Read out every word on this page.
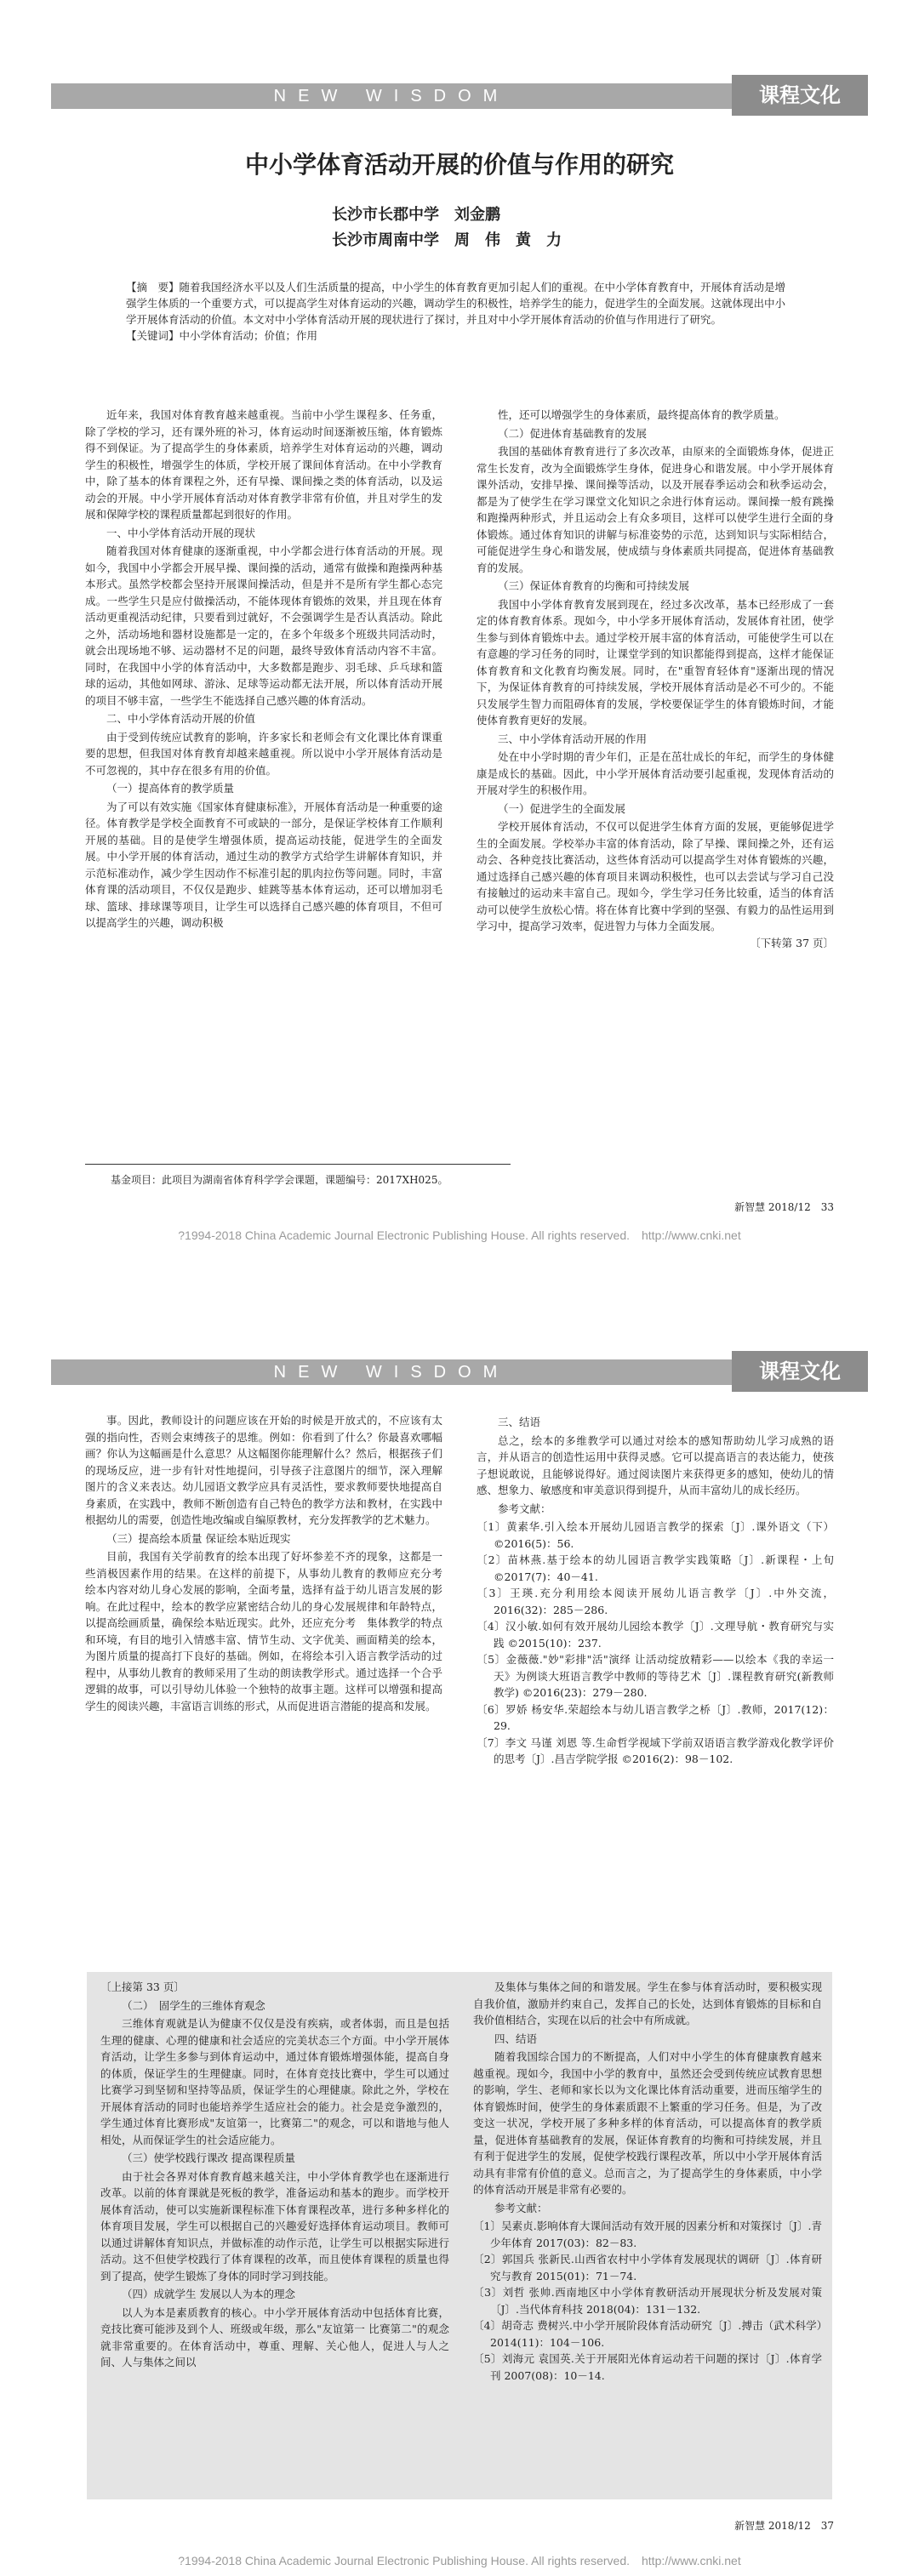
NEW WISDOM	课程文化
中小学体育活动开展的价值与作用的研究
长沙市长郡中学　刘金鹏
长沙市周南中学　周　伟　黄　力
【摘　要】随着我国经济水平以及人们生活质量的提高，中小学生的体育教育更加引起人们的重视。在中小学体育教育中，开展体育活动是增强学生体质的一个重要方式，可以提高学生对体育运动的兴趣，调动学生的积极性，培养学生的能力，促进学生的全面发展。这就体现出中小学开展体育活动的价值。本文对中小学体育活动开展的现状进行了探讨，并且对中小学开展体育活动的价值与作用进行了研究。
【关键词】中小学体育活动；价值；作用

近年来，我国对体育教育越来越重视。当前中小学生课程多、任务重，除了学校的学习，还有课外班的补习，体育运动时间逐渐被压缩，体育锻炼得不到保证。为了提高学生的身体素质，培养学生对体育运动的兴趣，调动学生的积极性，增强学生的体质，学校开展了课间体育活动。在中小学教育中，除了基本的体育课程之外，还有早操、课间操之类的体育活动，以及运动会的开展。中小学开展体育活动对体育教学非常有价值，并且对学生的发展和保障学校的课程质量都起到很好的作用。

一、中小学体育活动开展的现状

随着我国对体育健康的逐渐重视，中小学都会进行体育活动的开展。现如今，我国中小学都会开展早操、课间操的活动，通常有做操和跑操两种基本形式。虽然学校都会坚持开展课间操活动，但是并不是所有学生都心态完成。一些学生只是应付做操活动，不能体现体育锻炼的效果，并且现在体育活动更重视活动纪律，只要看到过就好，不会强调学生是否认真活动。除此之外，活动场地和器材设施都是一定的，在多个年级多个班级共同活动时，就会出现场地不够、运动器材不足的问题，最终导致体育活动内容不丰富。同时，在我国中小学的体育活动中，大多数都是跑步、羽毛球、乒乓球和篮球的运动，其他如网球、游泳、足球等运动都无法开展，所以体育活动开展的项目不够丰富，一些学生不能选择自己感兴趣的体育活动。

二、中小学体育活动开展的价值

由于受到传统应试教育的影响，许多家长和老师会有文化课比体育课重要的思想，但我国对体育教育却越来越重视。所以说中小学开展体育活动是不可忽视的，其中存在很多有用的价值。

（一）提高体育的教学质量

为了可以有效实施《国家体育健康标准》，开展体育活动是一种重要的途径。体育教学是学校全面教育不可或缺的一部分，是保证学校体育工作顺利开展的基础。目的是使学生增强体质，提高运动技能，促进学生的全面发展。中小学开展的体育活动，通过生动的教学方式给学生讲解体育知识，并示范标准动作，减少学生因动作不标准引起的肌肉拉伤等问题。同时，丰富体育课的活动项目，不仅仅是跑步、蛙跳等基本体育运动，还可以增加羽毛球、篮球、排球课等项目，让学生可以选择自己感兴趣的体育项目，不但可以提高学生的兴趣，调动积极

性，还可以增强学生的身体素质，最终提高体育的教学质量。

（二）促进体育基础教育的发展

我国的基础体育教育进行了多次改革，由原来的全面锻炼身体，促进正常生长发育，改为全面锻炼学生身体，促进身心和谐发展。中小学开展体育课外活动，安排早操、课间操等活动，以及开展春季运动会和秋季运动会，都是为了使学生在学习课堂文化知识之余进行体育运动。课间操一般有跳操和跑操两种形式，并且运动会上有众多项目，这样可以使学生进行全面的身体锻炼。通过体育知识的讲解与标准姿势的示范，达到知识与实际相结合，可能促进学生身心和谐发展，使成绩与身体素质共同提高，促进体育基础教育的发展。

（三）保证体育教育的均衡和可持续发展

我国中小学体育教育发展到现在，经过多次改革，基本已经形成了一套　定的体育教育体系。现如今，中小学多开展体育活动，发展体育社团，使学生参与到体育锻炼中去。通过学校开展丰富的体育活动，可能使学生可以在有意趣的学习任务的同时，让课堂学到的知识都能得到提高，这样才能保证体育教育和文化教育均衡发展。同时，在"重智育轻体育"逐渐出现的情况下，为保证体育教育的可持续发展，学校开展体育活动是必不可少的。不能只发展学生智力而阻碍体育的发展，学校要保证学生的体育锻炼时间，才能使体育教育更好的发展。

三、中小学体育活动开展的作用

处在中小学时期的青少年们，正是在茁壮成长的年纪，而学生的身体健康是成长的基础。因此，中小学开展体育活动要引起重视，发现体育活动的开展对学生的积极作用。

（一）促进学生的全面发展

学校开展体育活动，不仅可以促进学生体育方面的发展，更能够促进学生的全面发展。学校举办丰富的体育活动，除了早操、课间操之外，还有运动会、各种竞技比赛活动，这些体育活动可以提高学生对体育锻炼的兴趣，通过选择自己感兴趣的体育项目来调动积极性，也可以去尝试与学习自己没有接触过的运动来丰富自己。现如今，学生学习任务比较重，适当的体育活动可以使学生放松心情。将在体育比赛中学到的坚强、有毅力的品性运用到学习中，提高学习效率，促进智力与体力全面发展。

〔下转第 37 页〕

基金项目：此项目为湖南省体育科学学会课题，课题编号：2017XH025。
新智慧 2018/12　33
?1994-2018 China Academic Journal Electronic Publishing House. All rights reserved.　http://www.cnki.net
NEW WISDOM	课程文化

事。因此，教师设计的问题应该在开始的时候是开放式的，不应该有太强的指向性，否则会束缚孩子的思维。例如：你看到了什么？你最喜欢哪幅画？你认为这幅画是什么意思？从这幅图你能理解什么？然后，根据孩子们的现场反应，进一步有针对性地提问，引导孩子注意图片的细节，深入理解图片的含义来表达。幼儿园语文教学应具有灵活性，要求教师要快地提高自身素质，在实践中，教师不断创造有自己特色的教学方法和教材，在实践中根据幼儿的需要，创造性地改编或自编原教材，充分发挥教学的艺术魅力。

（三）提高绘本质量 保证绘本贴近现实

目前，我国有关学前教育的绘本出现了好坏参差不齐的现象，这都是一些消极因素作用的结果。在这样的前提下，从事幼儿教育的教师应充分考　绘本内容对幼儿身心发展的影响，全面考量，选择有益于幼儿语言发展的影响。在此过程中，绘本的教学应紧密结合幼儿的身心发展规律和年龄特点，以提高绘画质量，确保绘本贴近现实。此外，还应充分考　集体教学的特点和环境，有目的地引入情感丰富、情节生动、文字优美、画面精美的绘本，为图片质量的提高打下良好的基础。例如，在将绘本引入语言教学活动的过程中，从事幼儿教育的教师采用了生动的朗读教学形式。通过选择一个合乎逻辑的故事，可以引导幼儿体验一个独特的故事主题。这样可以增强和提高学生的阅读兴趣，丰富语言训练的形式，从而促进语言潜能的提高和发展。

三、结语

总之，绘本的多维教学可以通过对绘本的感知帮助幼儿学习成熟的语言，并从语言的创造性运用中获得灵感。它可以提高语言的表达能力，使孩子想说敢说，且能够说得好。通过阅读图片来获得更多的感知，使幼儿的情感、想象力、敏感度和审美意识得到提升，从而丰富幼儿的成长经历。

参考文献：

〔1〕黄素华.引入绘本开展幼儿园语言教学的探索〔J〕.课外语文（下）©2016(5)：56.

〔2〕苗林燕.基于绘本的幼儿园语言教学实践策略〔J〕.新课程・上旬 ©2017(7)：40－41.

〔3〕王瑛.充分利用绘本阅读开展幼儿语言教学〔J〕.中外交流，2016(32)：285－286.

〔4〕汉小敏.如何有效开展幼儿园绘本教学〔J〕.文理导航・教育研究与实践 ©2015(10)：237.

〔5〕金薇薇."妙"彩排"活"演绎 让活动绽放精彩——以绘本《我的幸运一天》为例谈大班语言教学中教师的等待艺术〔J〕.课程教育研究(新教师教学) ©2016(23)：279－280.

〔6〕罗娇 杨安华.荣超绘本与幼儿语言教学之桥〔J〕.教师，2017(12)：29.

〔7〕李文 马谨 刘恩 等.生命哲学视域下学前双语语言教学游戏化教学评价的思考〔J〕.昌吉学院学报 ©2016(2)：98－102.

〔上接第 33 页〕

（二）　固学生的三维体育观念

三维体育观就是认为健康不仅仅是没有疾病，或者体弱，而且是包括生理的健康、心理的健康和社会适应的完美状态三个方面。中小学开展体育活动，让学生多参与到体育运动中，通过体育锻炼增强体能，提高自身的体质，保证学生的生理健康。同时，在体育竞技比赛中，学生可以通过比赛学习到坚韧和坚持等品质，保证学生的心理健康。除此之外，学校在开展体育活动的同时也能培养学生适应社会的能力。社会是竞争激烈的，学生通过体育比赛形成"友谊第一，比赛第二"的观念，可以和谐地与他人相处，从而保证学生的社会适应能力。

（三）使学校践行课改 提高课程质量

由于社会各界对体育教育越来越关注，中小学体育教学也在逐渐进行改革。以前的体育课就是死板的教学，准备运动和基本的跑步。而学校开展体育活动，使可以实施新课程标准下体育课程改革，进行多种多样化的体育项目发展，学生可以根据自己的兴趣爱好选择体育运动项目。教师可以通过讲解体育知识点，并做标准的动作示范，让学生可以根据实际进行活动。这不但使学校践行了体育课程的改革，而且使体育课程的质量也得到了提高，使学生锻炼了身体的同时学习到技能。

（四）成就学生 发展以人为本的理念

以人为本是素质教育的核心。中小学开展体育活动中包括体育比赛，竞技比赛可能涉及到个人、班级或年级，那么"友谊第一 比赛第二"的观念就非常重要的。在体育活动中，尊重、理解、关心他人，促进人与人之间、人与集体之间以

及集体与集体之间的和谐发展。学生在参与体育活动时，要积极实现自我价值，激励并约束自己，发挥自己的长处，达到体育锻炼的目标和自我价值相结合，实现在以后的社会中有所成就。

四、结语

随着我国综合国力的不断提高，人们对中小学生的体育健康教育越来越重视。现如今，我国中小学的教育中，虽然还会受到传统应试教育思想的影响，学生、老师和家长以为文化课比体育活动重要，进而压缩学生的体育锻炼时间，使学生的身体素质跟不上繁重的学习任务。但是，为了改变这一状况，学校开展了多种多样的体育活动，可以提高体育的教学质量，促进体育基础教育的发展，保证体育教育的均衡和可持续发展，并且有利于促进学生的发展，促使学校践行课程改革，所以中小学开展体育活动具有非常有价值的意义。总而言之，为了提高学生的身体素质，中小学的体育活动开展是非常有必要的。

参考文献：

〔1〕吴素贞.影响体育大课间活动有效开展的因素分析和对策探讨〔J〕.青少年体育 2017(03)：82－83.

〔2〕郭国兵 张新民.山西省农村中小学体育发展现状的调研〔J〕.体育研究与教育 2015(01)：71－74.

〔3〕刘哲 张帅.西南地区中小学体育教研活动开展现状分析及发展对策〔J〕.当代体育科技 2018(04)：131－132.

〔4〕胡奇志 费树兴.中小学开展阶段体育活动研究〔J〕.搏击（武术科学）2014(11)：104－106.

〔5〕刘海元 袁国英.关于开展阳光体育运动若干问题的探讨〔J〕.体育学刊 2007(08)：10－14.

新智慧 2018/12　37
?1994-2018 China Academic Journal Electronic Publishing House. All rights reserved.　http://www.cnki.net
